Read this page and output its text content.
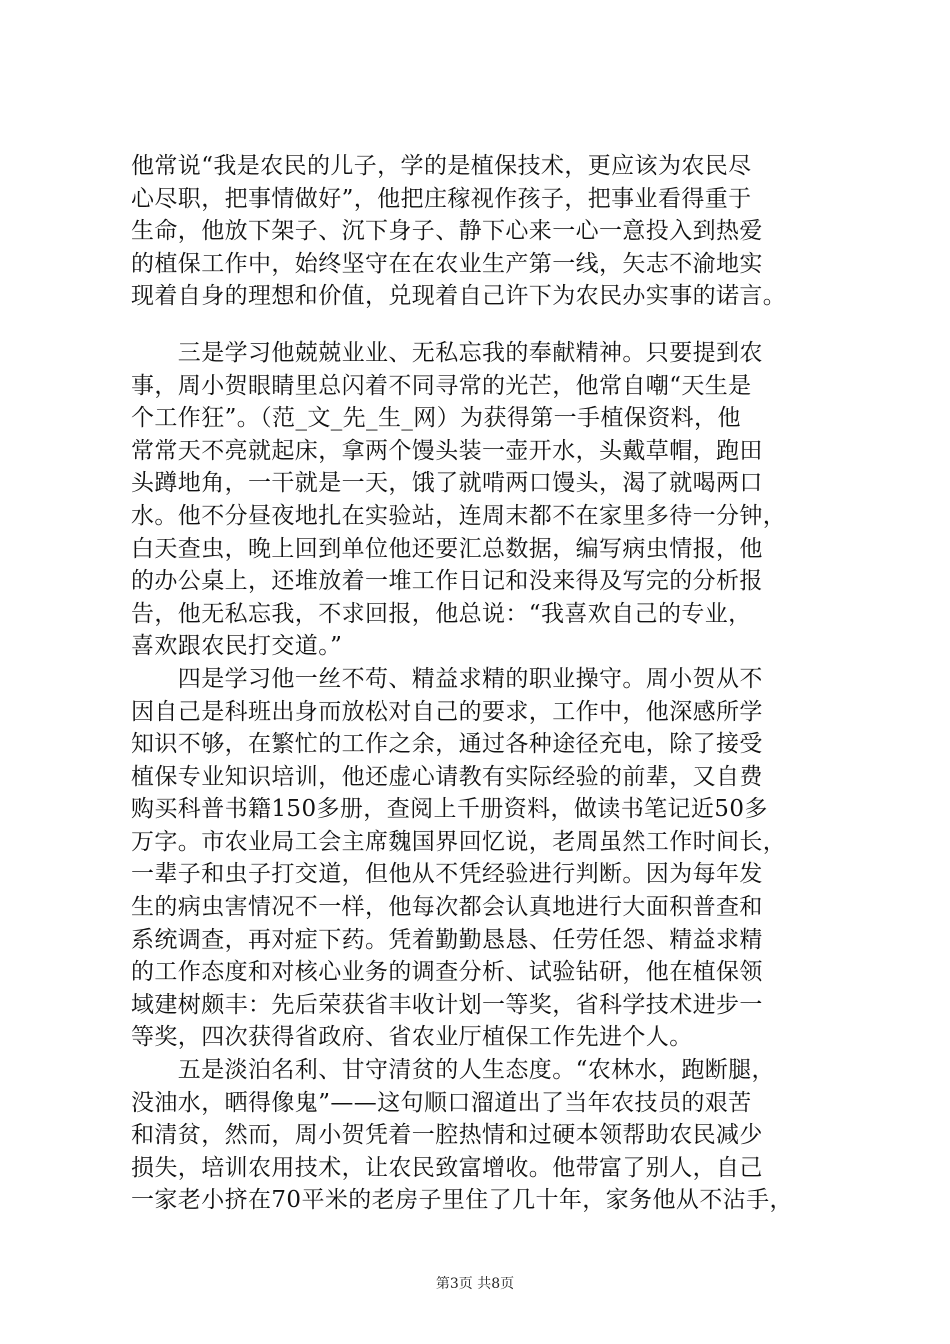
他常说“我是农民的儿子，学的是植保技术，更应该为农民尽
心尽职，把事情做好”，他把庄稼视作孩子，把事业看得重于
生命，他放下架子、沉下身子、静下心来一心一意投入到热爱
的植保工作中，始终坚守在在农业生产第一线，矢志不渝地实
现着自身的理想和价值，兑现着自己许下为农民办实事的诺言。
　　三是学习他兢兢业业、无私忘我的奉献精神。只要提到农
事，周小贺眼睛里总闪着不同寻常的光芒，他常自嘲“天生是
个工作狂”。（范_文_先_生_网）为获得第一手植保资料，他
常常天不亮就起床，拿两个馒头装一壶开水，头戴草帽，跑田
头蹲地角，一干就是一天，饿了就啃两口馒头，渴了就喝两口
水。他不分昼夜地扎在实验站，连周末都不在家里多待一分钟，
白天查虫，晚上回到单位他还要汇总数据，编写病虫情报，他
的办公桌上，还堆放着一堆工作日记和没来得及写完的分析报
告，他无私忘我，不求回报，他总说：“我喜欢自己的专业，
喜欢跟农民打交道。”
　　四是学习他一丝不苟、精益求精的职业操守。周小贺从不
因自己是科班出身而放松对自己的要求，工作中，他深感所学
知识不够，在繁忙的工作之余，通过各种途径充电，除了接受
植保专业知识培训，他还虚心请教有实际经验的前辈，又自费
购买科普书籍150多册，查阅上千册资料，做读书笔记近50多
万字。市农业局工会主席魏国界回忆说，老周虽然工作时间长，
一辈子和虫子打交道，但他从不凭经验进行判断。因为每年发
生的病虫害情况不一样，他每次都会认真地进行大面积普查和
系统调查，再对症下药。凭着勤勤恳恳、任劳任怨、精益求精
的工作态度和对核心业务的调查分析、试验钻研，他在植保领
域建树颇丰：先后荣获省丰收计划一等奖，省科学技术进步一
等奖，四次获得省政府、省农业厅植保工作先进个人。
　　五是淡泊名利、甘守清贫的人生态度。“农林水，跑断腿，
没油水，晒得像鬼”——这句顺口溜道出了当年农技员的艰苦
和清贫，然而，周小贺凭着一腔热情和过硬本领帮助农民减少
损失，培训农用技术，让农民致富增收。他带富了别人，自己
一家老小挤在70平米的老房子里住了几十年，家务他从不沾手，
第3页 共8页
